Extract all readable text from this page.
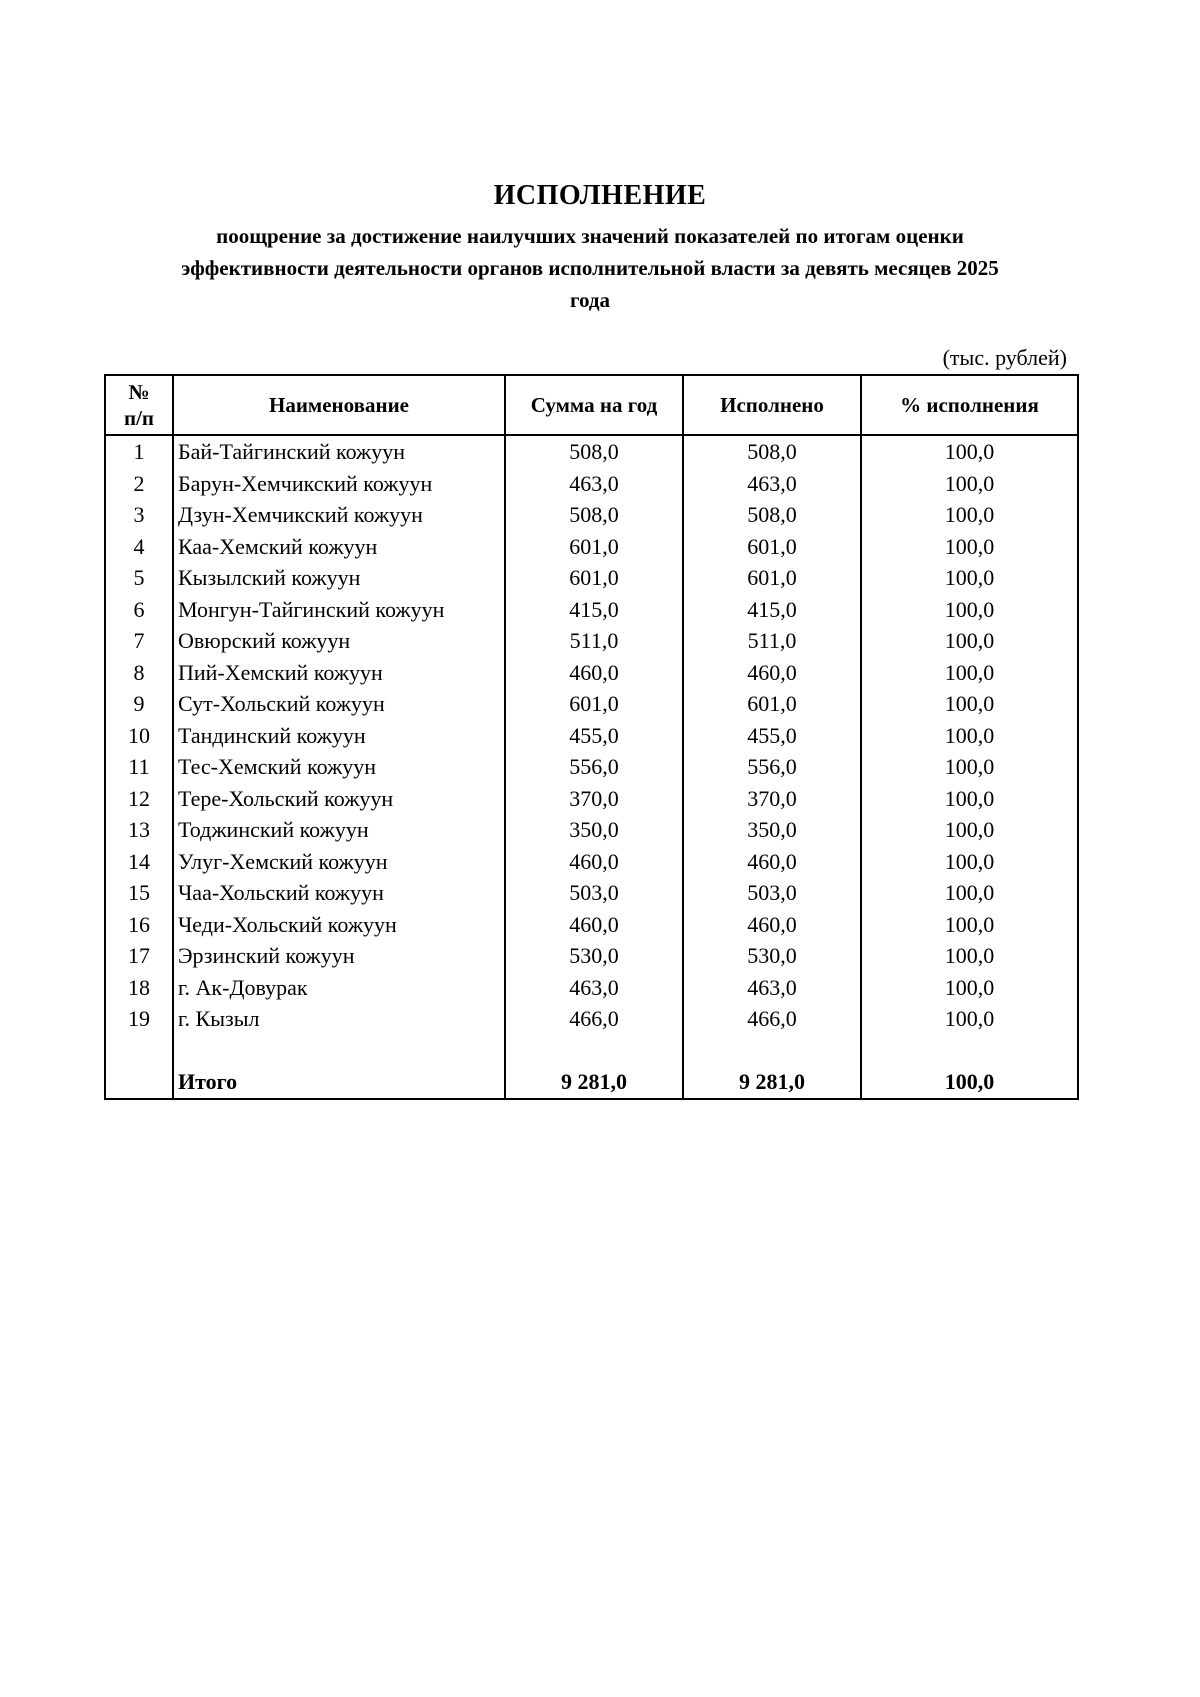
ИСПОЛНЕНИЕ
поощрение за достижение наилучших значений показателей по итогам оценки
эффективности деятельности органов исполнительной власти за девять месяцев 2025
года
(тыс. рублей)
№
п/п	Наименование	Сумма на год	Исполнено	% исполнения
1	Бай-Тайгинский кожуун	508,0	508,0	100,0
2	Барун-Хемчикский кожуун	463,0	463,0	100,0
3	Дзун-Хемчикский кожуун	508,0	508,0	100,0
4	Каа-Хемский кожуун	601,0	601,0	100,0
5	Кызылский кожуун	601,0	601,0	100,0
6	Монгун-Тайгинский кожуун	415,0	415,0	100,0
7	Овюрский кожуун	511,0	511,0	100,0
8	Пий-Хемский кожуун	460,0	460,0	100,0
9	Сут-Хольский кожуун	601,0	601,0	100,0
10	Тандинский кожуун	455,0	455,0	100,0
11	Тес-Хемский кожуун	556,0	556,0	100,0
12	Тере-Хольский кожуун	370,0	370,0	100,0
13	Тоджинский кожуун	350,0	350,0	100,0
14	Улуг-Хемский кожуун	460,0	460,0	100,0
15	Чаа-Хольский кожуун	503,0	503,0	100,0
16	Чеди-Хольский кожуун	460,0	460,0	100,0
17	Эрзинский кожуун	530,0	530,0	100,0
18	г. Ак-Довурак	463,0	463,0	100,0
19	г. Кызыл	466,0	466,0	100,0

	Итого	9 281,0	9 281,0	100,0
